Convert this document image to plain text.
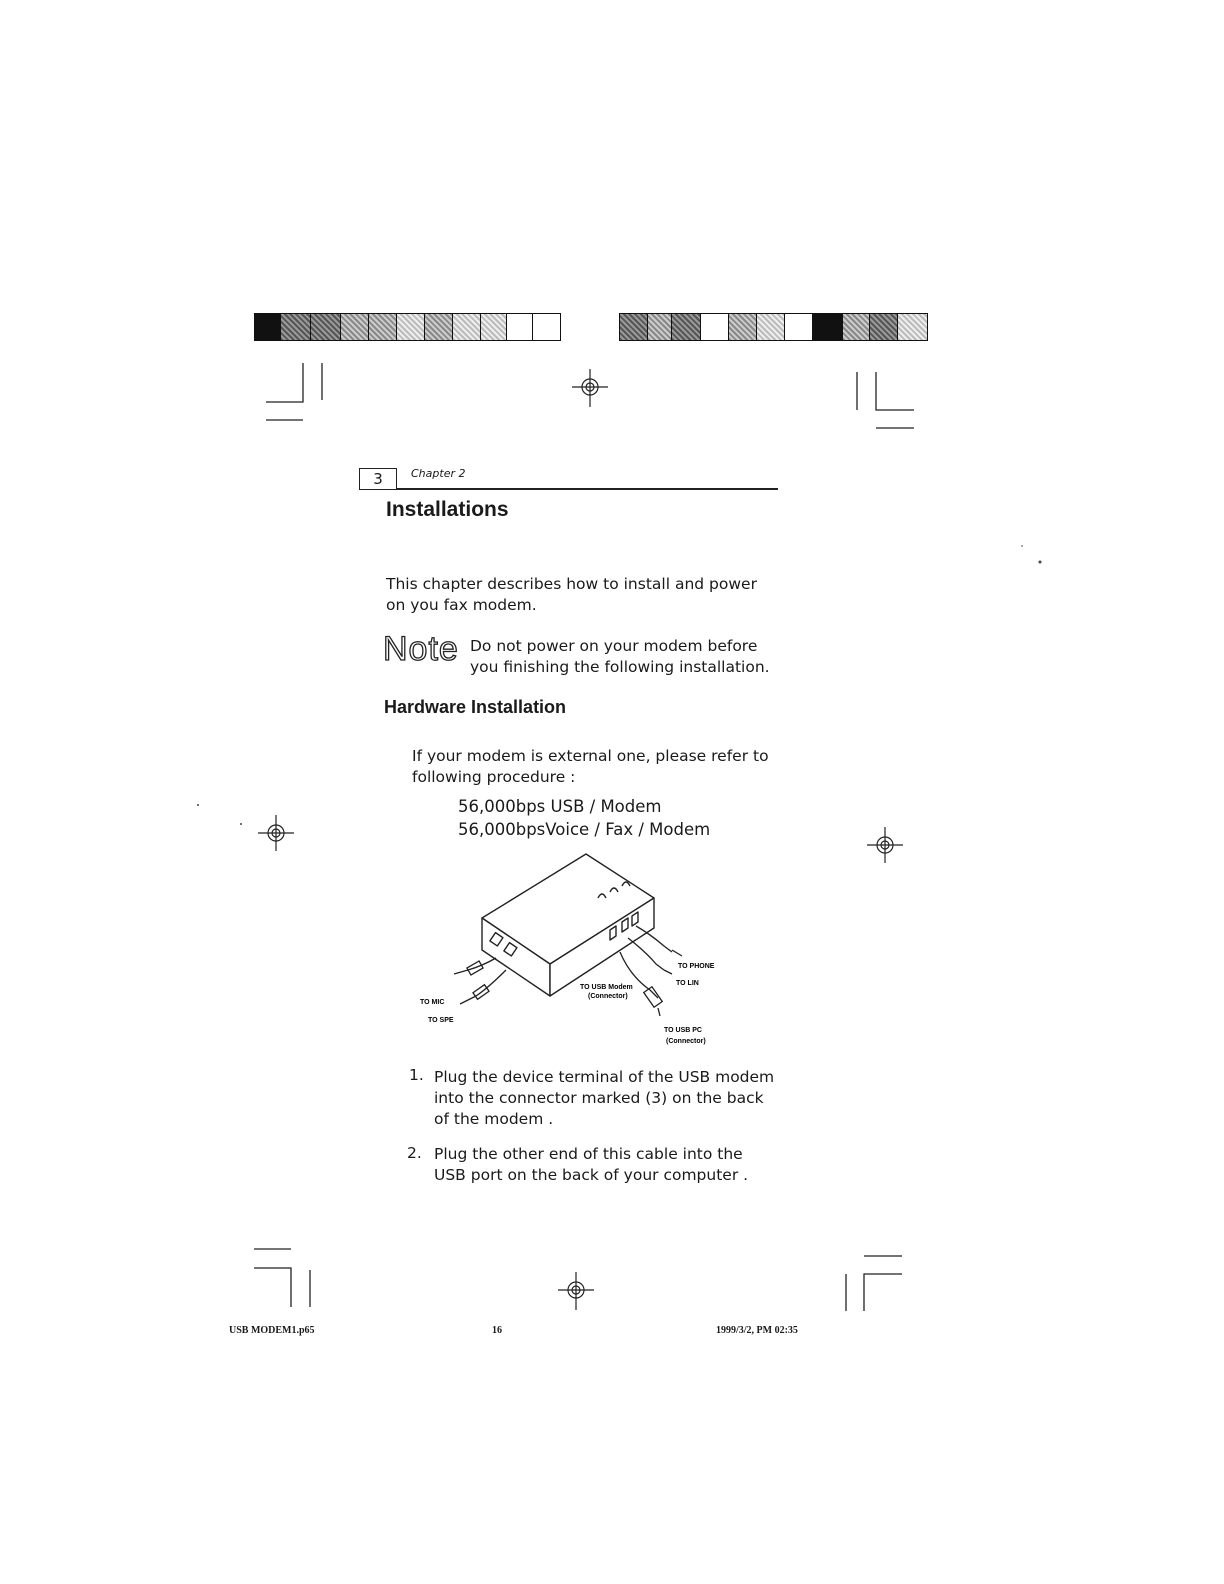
3	Chapter 2
Installations
This chapter describes how to install and power
on you fax modem.
Note Do not power on your modem before
you finishing the following installation.
Hardware Installation
If your modem is external one, please refer to
following procedure :
56,000bps USB / Modem
56,000bpsVoice / Fax / Modem
TO PHONE
TO LIN
TO USB Modem
(Connector)
TO MIC
TO SPE
TO USB PC
(Connector)
1. Plug the device terminal of the USB modem
into the connector marked (3) on the back
of the modem .
2. Plug the other end of this cable into the
USB port on the back of your computer .
USB MODEM1.p65	16	1999/3/2, PM 02:35
